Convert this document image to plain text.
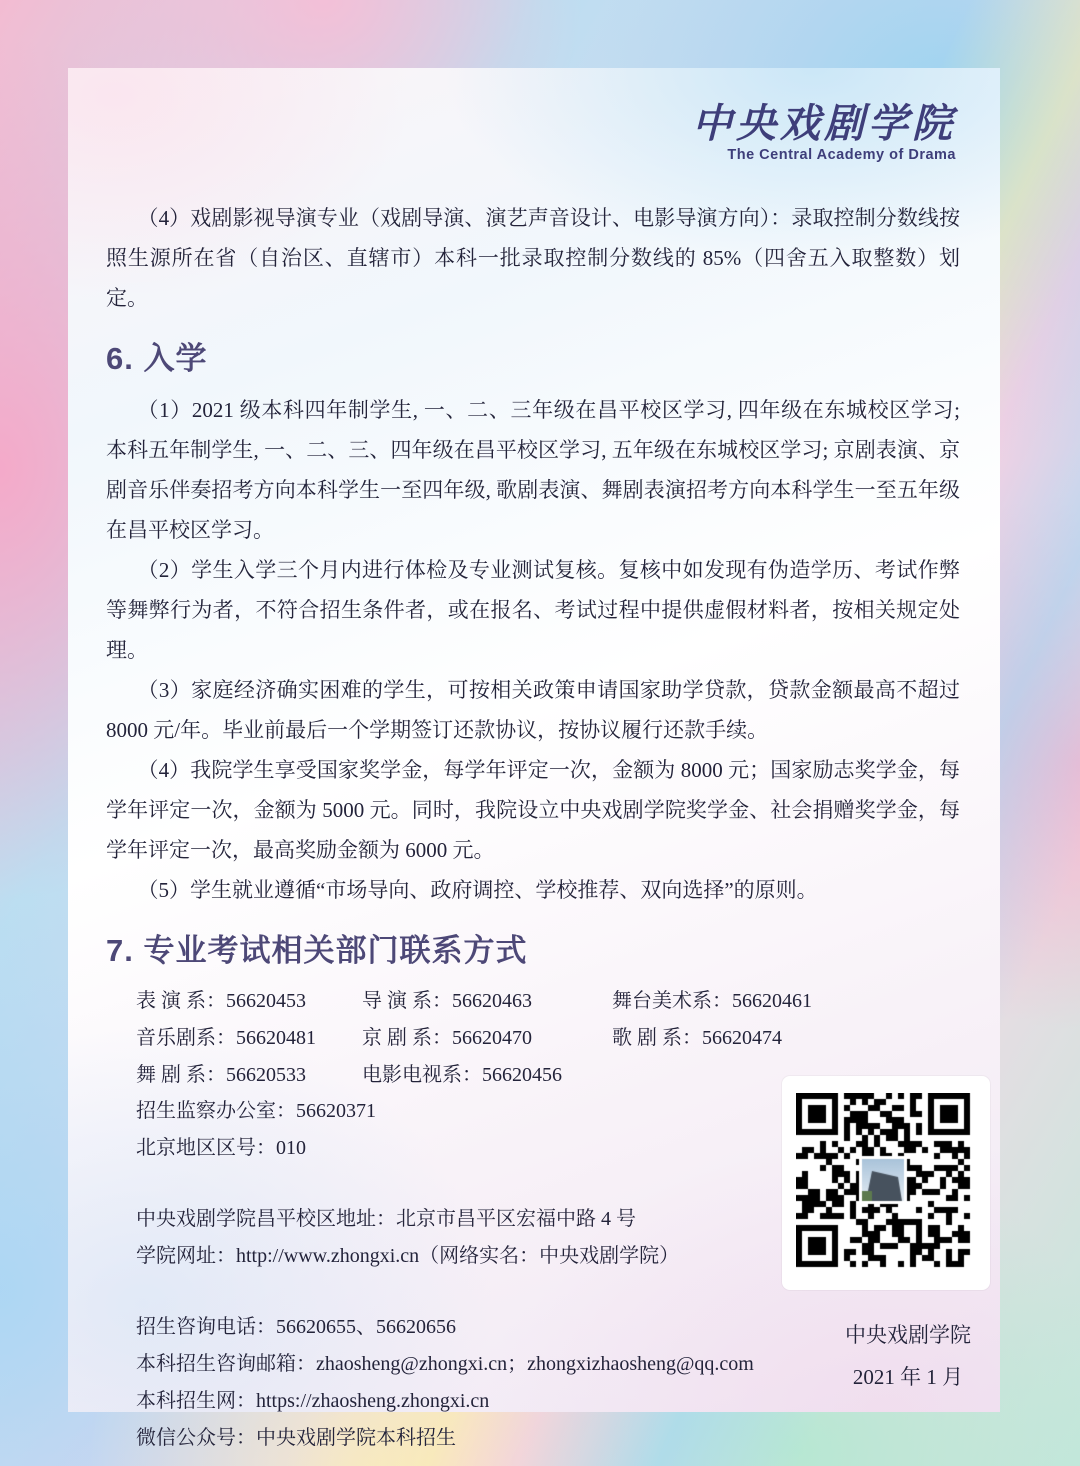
中央戏剧学院
The Central Academy of Drama

（4）戏剧影视导演专业（戏剧导演、演艺声音设计、电影导演方向）：录取控制分数线按照生源所在省（自治区、直辖市）本科一批录取控制分数线的 85%（四舍五入取整数）划定。

6. 入学

（1）2021 级本科四年制学生, 一、二、三年级在昌平校区学习, 四年级在东城校区学习; 本科五年制学生, 一、二、三、四年级在昌平校区学习, 五年级在东城校区学习; 京剧表演、京剧音乐伴奏招考方向本科学生一至四年级, 歌剧表演、舞剧表演招考方向本科学生一至五年级在昌平校区学习。

（2）学生入学三个月内进行体检及专业测试复核。复核中如发现有伪造学历、考试作弊等舞弊行为者，不符合招生条件者，或在报名、考试过程中提供虚假材料者，按相关规定处理。

（3）家庭经济确实困难的学生，可按相关政策申请国家助学贷款，贷款金额最高不超过 8000 元/年。毕业前最后一个学期签订还款协议，按协议履行还款手续。

（4）我院学生享受国家奖学金，每学年评定一次，金额为 8000 元；国家励志奖学金，每学年评定一次，金额为 5000 元。同时，我院设立中央戏剧学院奖学金、社会捐赠奖学金，每学年评定一次，最高奖励金额为 6000 元。

（5）学生就业遵循“市场导向、政府调控、学校推荐、双向选择”的原则。

7. 专业考试相关部门联系方式
表 演 系：56620453	导 演 系：56620463	舞台美术系：56620461
音乐剧系：56620481	京 剧 系：56620470	歌 剧 系：56620474
舞 剧 系：56620533	电影电视系：56620456
招生监察办公室：56620371
北京地区区号：010
中央戏剧学院昌平校区地址：北京市昌平区宏福中路 4 号
学院网址：http://www.zhongxi.cn（网络实名：中央戏剧学院）
招生咨询电话：56620655、56620656
本科招生咨询邮箱：zhaosheng@zhongxi.cn；zhongxizhaosheng@qq.com
本科招生网：https://zhaosheng.zhongxi.cn
微信公众号：中央戏剧学院本科招生
中央戏剧学院
2021 年 1 月
